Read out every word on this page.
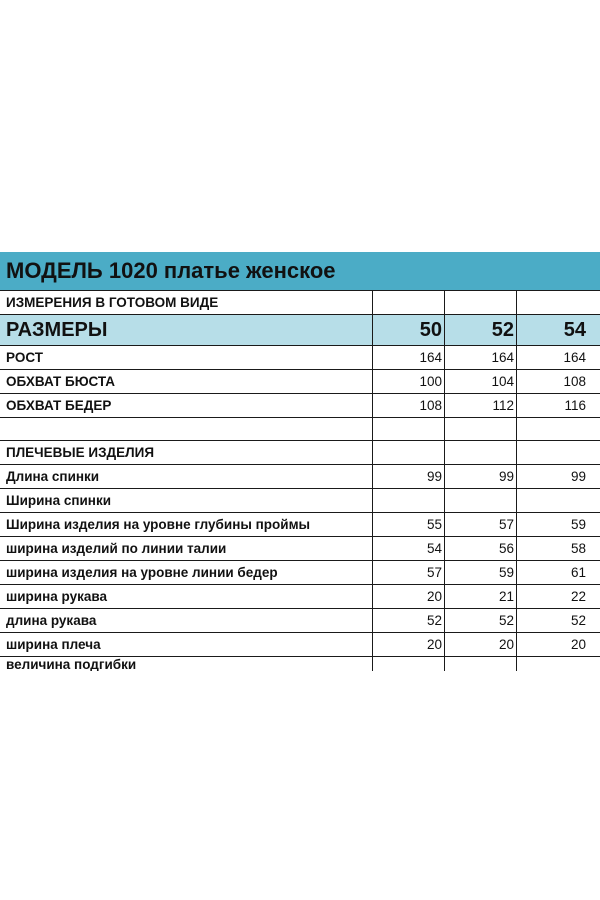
МОДЕЛЬ 1020 платье женское
ИЗМЕРЕНИЯ В ГОТОВОМ ВИДЕ
РАЗМЕРЫ	50	52	54
РОСТ	164	164	164
ОБХВАТ БЮСТА	100	104	108
ОБХВАТ БЕДЕР	108	112	116
ПЛЕЧЕВЫЕ ИЗДЕЛИЯ
Длина спинки	99	99	99
Ширина спинки
Ширина изделия на уровне глубины проймы	55	57	59
ширина изделий по линии талии	54	56	58
ширина изделия на уровне линии бедер	57	59	61
ширина рукава	20	21	22
длина рукава	52	52	52
ширина плеча	20	20	20
величина подгибки
